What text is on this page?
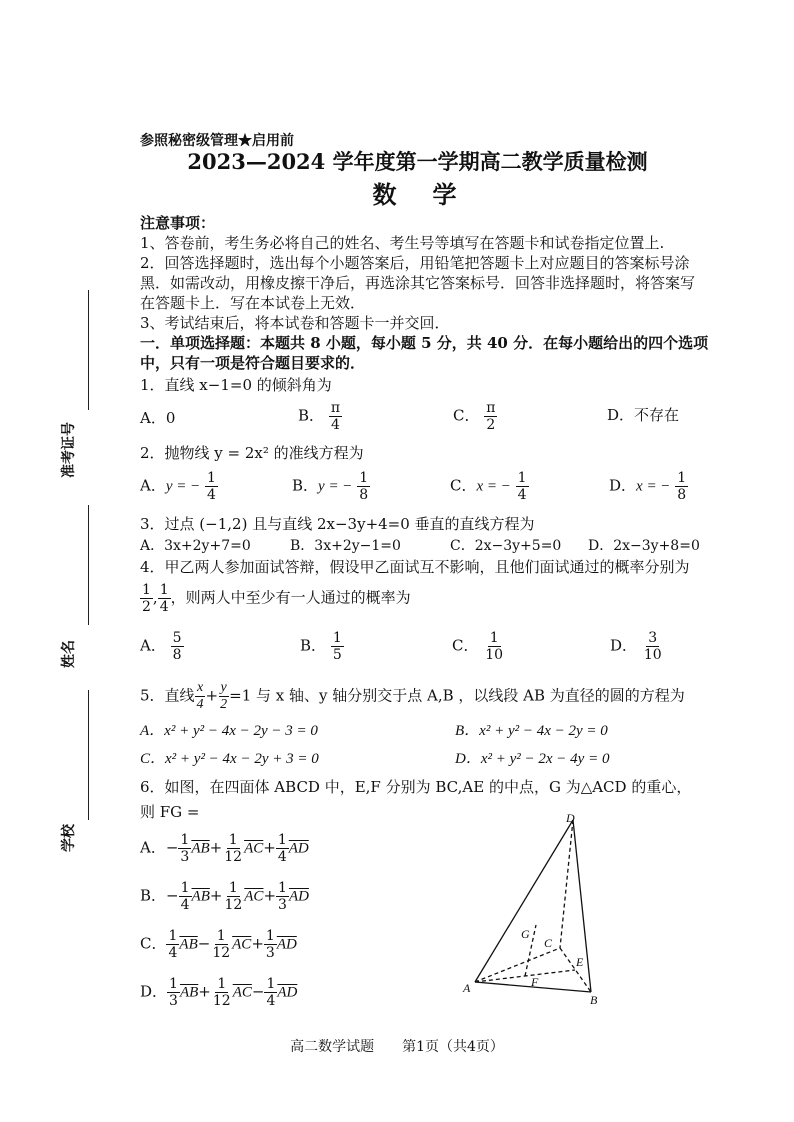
准考证号
姓名
学校
参照秘密级管理★启用前
2023—2024 学年度第一学期高二教学质量检测
数　学
注意事项：
1、答卷前，考生务必将自己的姓名、考生号等填写在答题卡和试卷指定位置上.
2．回答选择题时，选出每个小题答案后，用铅笔把答题卡上对应题目的答案标号涂
黑．如需改动，用橡皮擦干净后，再选涂其它答案标号．回答非选择题时，将答案写
在答题卡上．写在本试卷上无效．
3、考试结束后，将本试卷和答题卡一并交回．
一．单项选择题：本题共 8 小题，每小题 5 分，共 40 分．在每小题给出的四个选项
中，只有一项是符合题目要求的．
1．直线 x−1=0 的倾斜角为
A．0	B． $\frac{\pi}{4}$	C． $\frac{\pi}{2}$	D．不存在
2．抛物线 y = 2x² 的准线方程为
A．y = − $\frac{1}{4}$	B．y = − $\frac{1}{8}$	C．x = − $\frac{1}{4}$	D．x = − $\frac{1}{8}$
3．过点 (−1,2) 且与直线 2x−3y+4=0 垂直的直线方程为
A．3x+2y+7=0	B．3x+2y−1=0	C．2x−3y+5=0 D．2x−3y+8=0
4．甲乙两人参加面试答辩，假设甲乙面试互不影响，且他们面试通过的概率分别为
$\frac{1}{2}$ , $\frac{1}{4}$ ，则两人中至少有一人通过的概率为
A． $\frac{5}{8}$	B． $\frac{1}{5}$	C． $\frac{1}{10}$	D． $\frac{3}{10}$
5．直线 $\frac{x}{4} + \frac{y}{2} =1$ 与 x 轴、y 轴分别交于点 A,B ，以线段 AB 为直径的圆的方程为
A．x² + y² − 4x − 2y − 3 = 0	B．x² + y² − 4x − 2y = 0
C．x² + y² − 4x − 2y + 3 = 0	D．x² + y² − 2x − 4y = 0
6．如图，在四面体 ABCD 中，E,F 分别为 BC,AE 的中点，G 为△ACD 的重心，
则 FG =
A．− $\frac{1}{3} \overline{AB}+ \frac{1}{12} \overline{AC}+ \frac{1}{4} \overline{AD}$
B．− $\frac{1}{4} \overline{AB}+ \frac{1}{12} \overline{AC}+ \frac{1}{3} \overline{AD}$
C． $\frac{1}{4} \overline{AB}- \frac{1}{12} \overline{AC}+ \frac{1}{3} \overline{AD}$
D． $\frac{1}{3} \overline{AB}+ \frac{1}{12} \overline{AC}- \frac{1}{4} \overline{AD}$
D
G
C
E
A	F
B
高二数学试题　　第1页（共4页）
